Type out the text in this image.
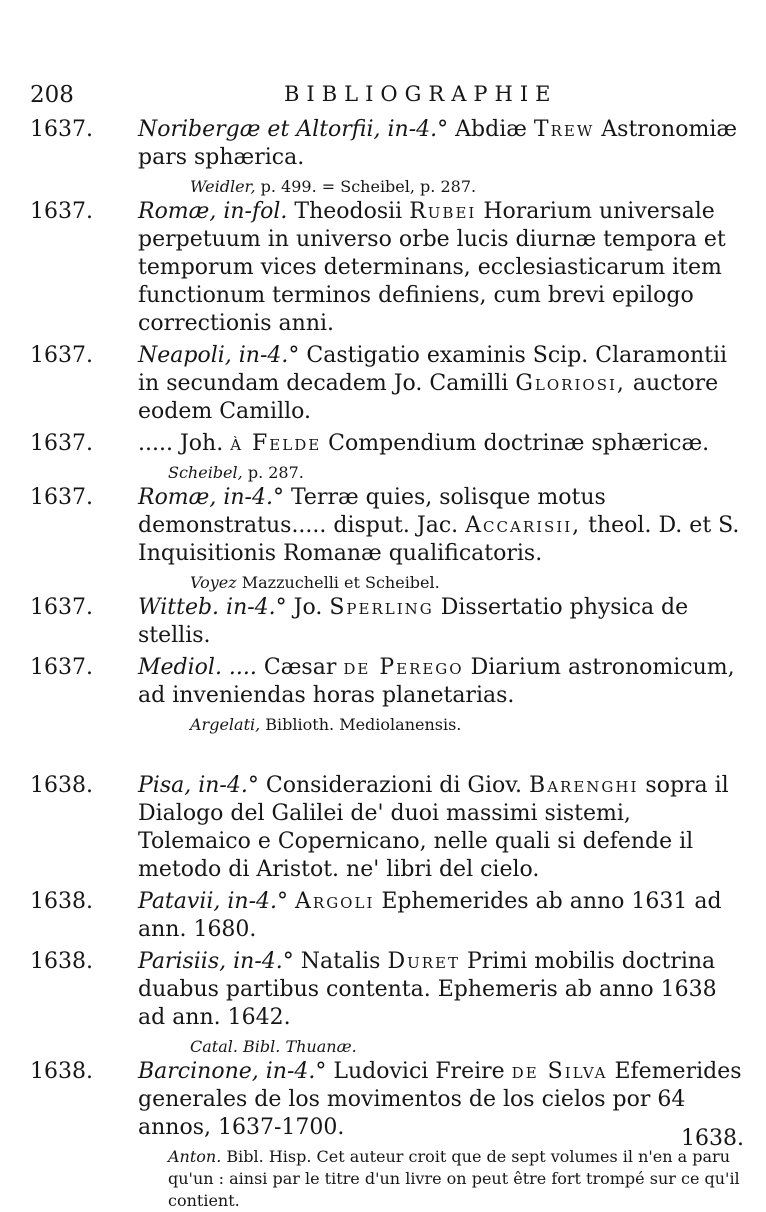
208	BIBLIOGRAPHIE
1637.	Noribergæ et Altorfii, in-4.° Abdiæ Trew Astronomiæ pars sphærica.
Weidler, p. 499. = Scheibel, p. 287.
1637.	Romæ, in-fol. Theodosii Rubei Horarium universale perpetuum in universo orbe lucis diurnæ tempora et temporum vices determinans, ecclesiasticarum item functionum terminos definiens, cum brevi epilogo correctionis anni.
1637.	Neapoli, in-4.° Castigatio examinis Scip. Claramontii in secundam decadem Jo. Camilli Gloriosi, auctore eodem Camillo.
1637.	..... Joh. à Felde Compendium doctrinæ sphæricæ.
Scheibel, p. 287.
1637.	Romæ, in-4.° Terræ quies, solisque motus demonstratus..... disput. Jac. Accarisii, theol. D. et S. Inquisitionis Romanæ qualificatoris.
Voyez Mazzuchelli et Scheibel.
1637.	Witteb. in-4.° Jo. Sperling Dissertatio physica de stellis.
1637.	Mediol. .... Cæsar de Perego Diarium astronomicum, ad inveniendas horas planetarias.
Argelati, Biblioth. Mediolanensis.
1638.	Pisa, in-4.° Considerazioni di Giov. Barenghi sopra il Dialogo del Galilei de' duoi massimi sistemi, Tolemaico e Copernicano, nelle quali si defende il metodo di Aristot. ne' libri del cielo.
1638.	Patavii, in-4.° Argoli Ephemerides ab anno 1631 ad ann. 1680.
1638.	Parisiis, in-4.° Natalis Duret Primi mobilis doctrina duabus partibus contenta. Ephemeris ab anno 1638 ad ann. 1642.
Catal. Bibl. Thuanæ.
1638.	Barcinone, in-4.° Ludovici Freire de Silva Efemerides generales de los movimentos de los cielos por 64 annos, 1637-1700.
Anton. Bibl. Hisp. Cet auteur croit que de sept volumes il n'en a paru qu'un : ainsi par le titre d'un livre on peut être fort trompé sur ce qu'il contient.
1638.
